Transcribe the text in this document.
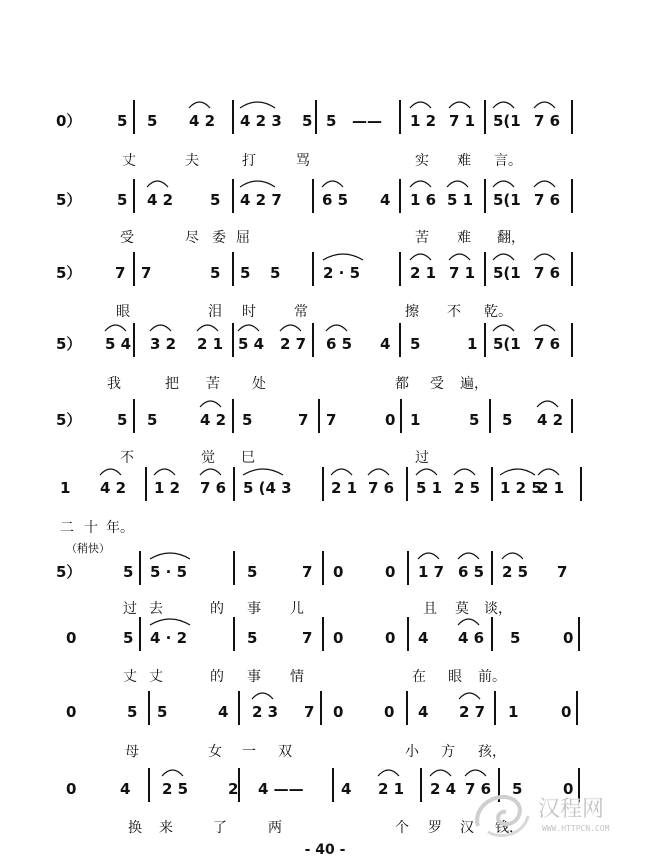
0） 5 5 4 2 4 2 3 5 5 —— 1 2 7 1 5(1 7 6
丈	夫	打	骂	实 难 言。
5） 5 4 2 5 4 2 7	6 5 4 1 6 5 1 5(1 7 6
受	尽 委 屈	苦 难 翻，
5） 7 7	5 5 5	2 · 5	2 1 7 1 5(1 7 6
眼	泪 时	常	擦 不 乾。
5） 5 4 3 2 2 1 5 4 2 7 6 5 4 5	1 5(1 7 6
我	把 苦 处	都 受 遍，
5） 5 5	4 2 5	7 7	0 1	5 5 4 2
不	觉 巳	过
1 4 2 1 2 7 6 5 (4 3	2 1 7 6 5 1 2 5 1 2 5
2 1
二 十 年。
5）	5 5 · 5	5	7 0	0 1 7 6 5 2 5 7
过 去	的 事 儿	且 莫 谈，
0	5 4 · 2	5	7 0	0 4 4 6 5	0
丈 丈	的 事 情	在 眼 前。
0	5 5	4 2 3 7 0	0 4 2 7 1	0
母	女 一 双	小 方 孩，
0	4 2 5	2 4 —— 4 2 1 2 4 7 6 5	0
换 来	了	两	个 罗 汉 钱，
（稍快）
- 40 -
汉程网
WWW.HTTPCN.COM
